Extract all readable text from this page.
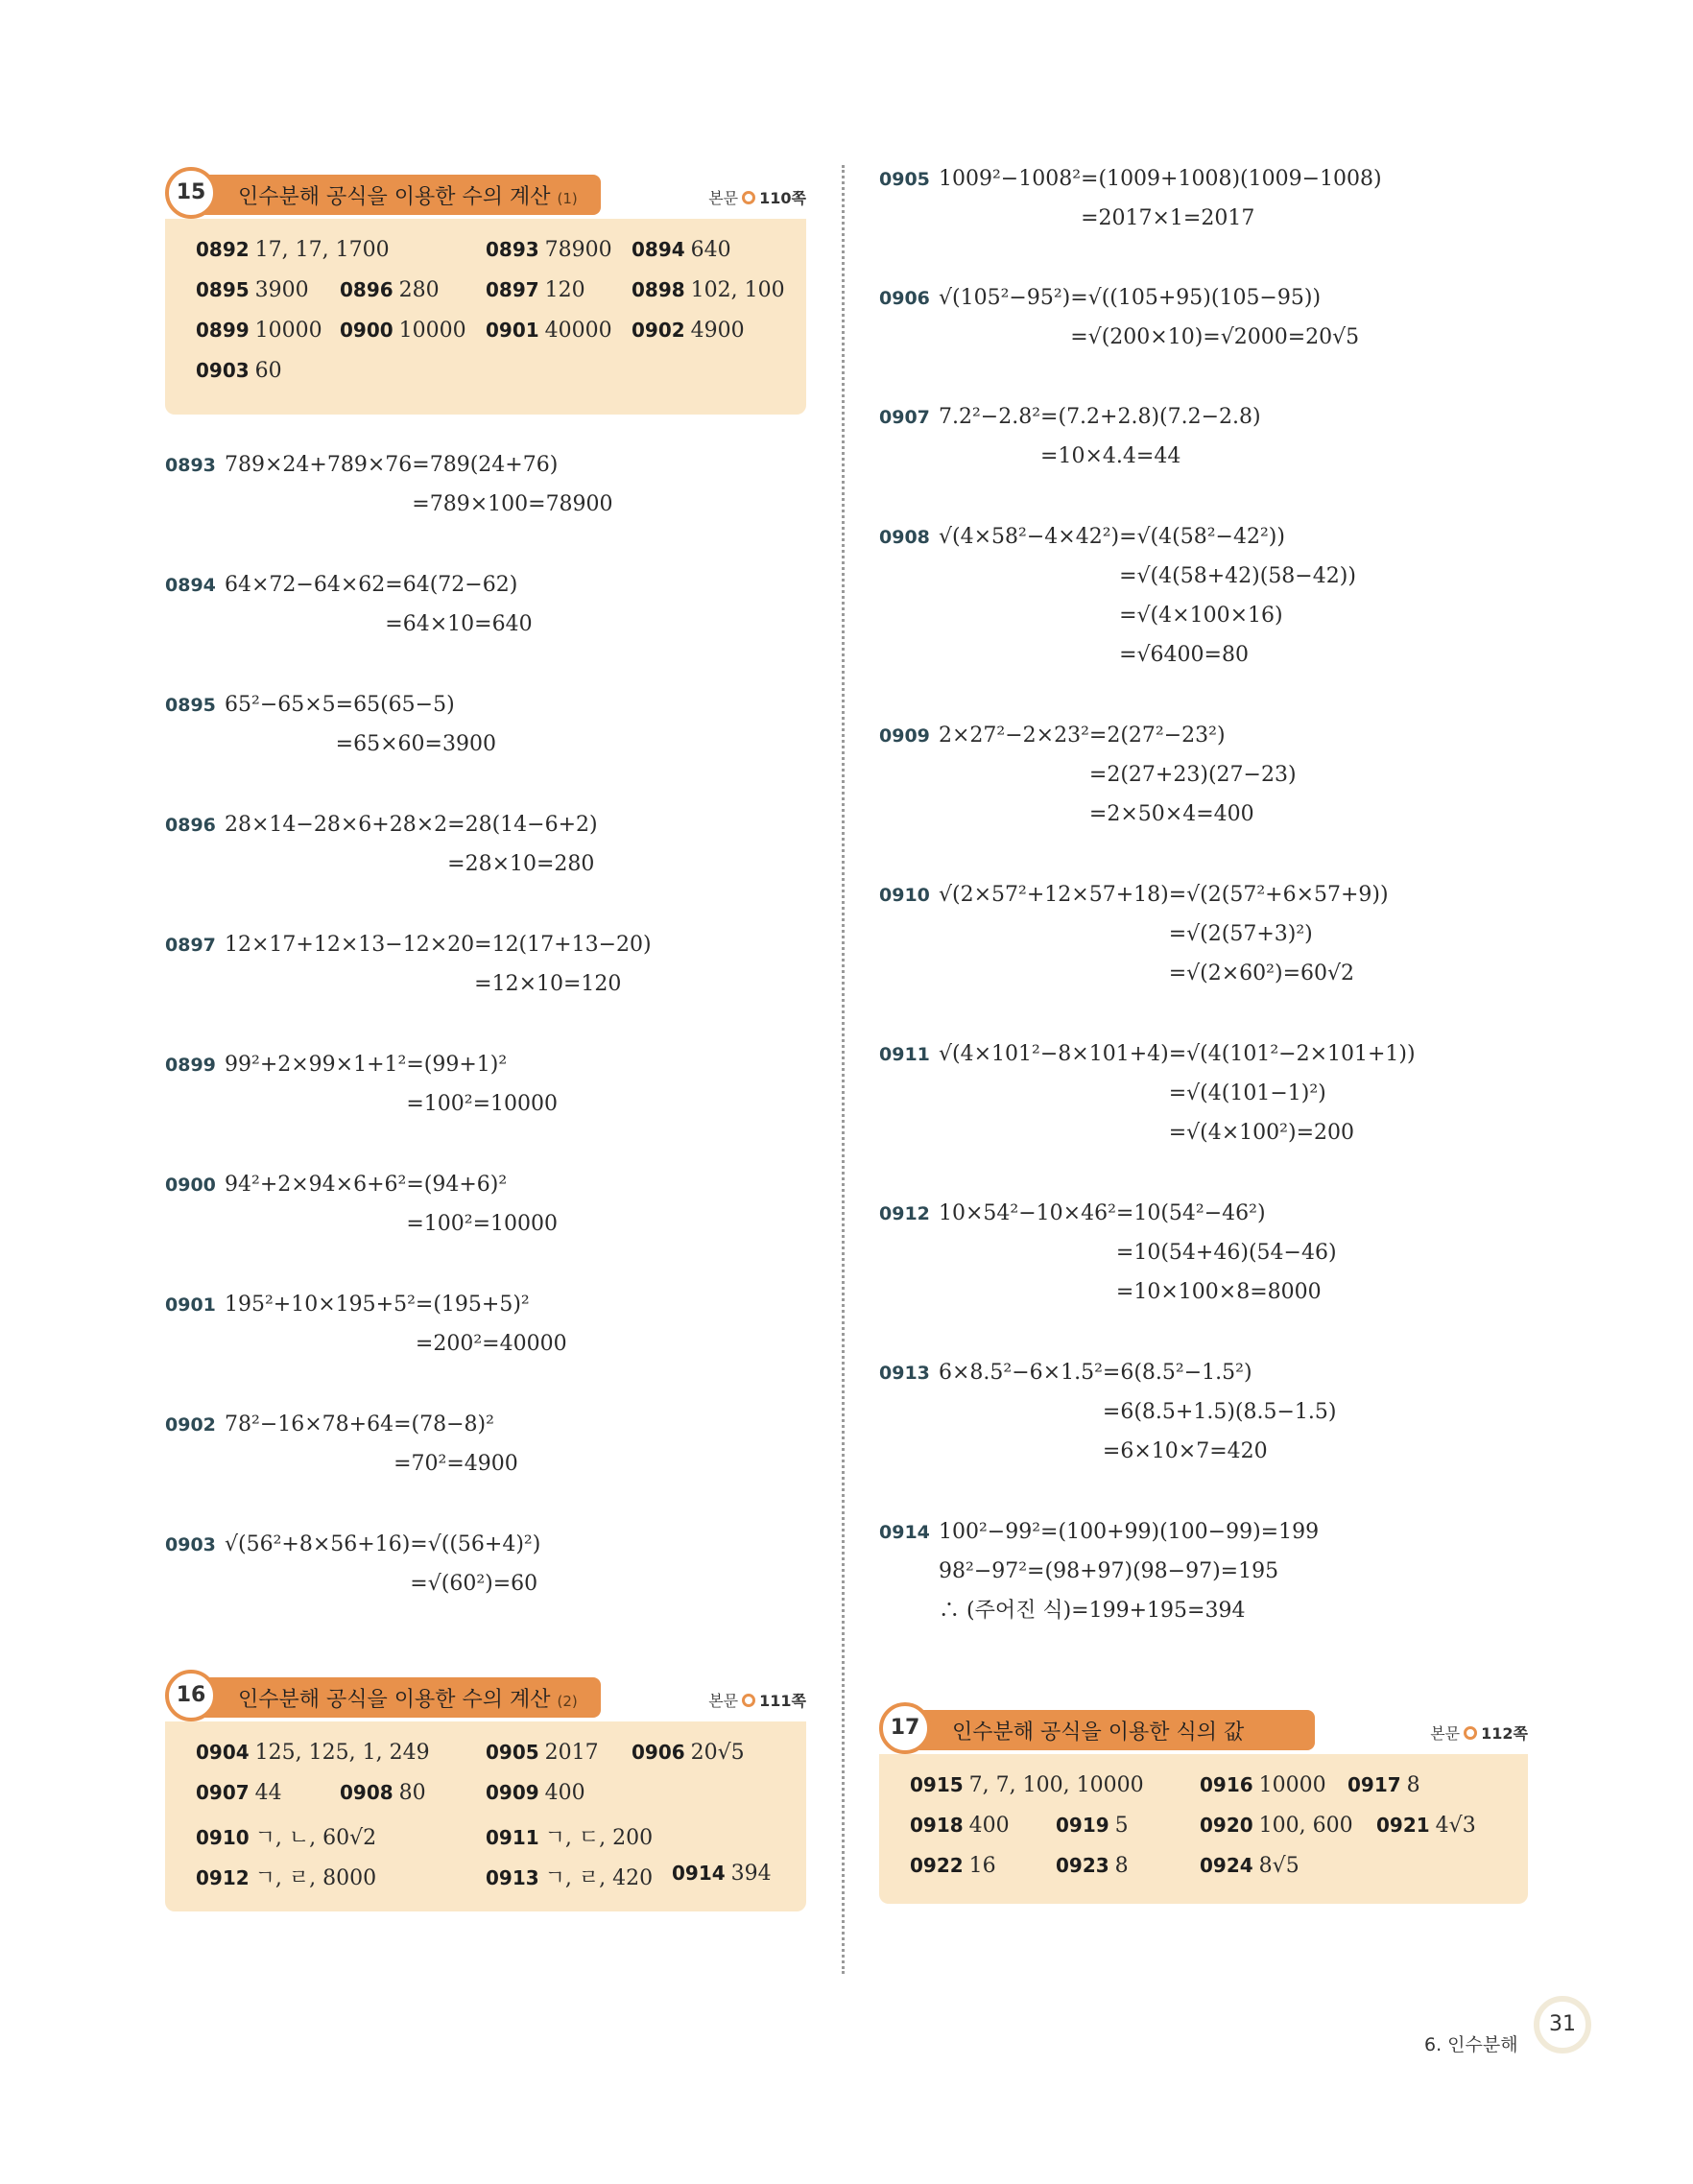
15	인수분해 공식을 이용한 수의 계산 (1)	본문 110쪽
0892 17, 17, 1700	0893 78900 0894 640
0895 3900 0896 280 0897 120 0898 102, 100
0899 10000 0900 10000 0901 40000 0902 4900
0903 60
0893 789×24+789×76=789(24+76)
=789×100=78900
0894 64×72−64×62=64(72−62)
=64×10=640
0895 65²−65×5=65(65−5)
=65×60=3900
0896 28×14−28×6+28×2=28(14−6+2)
=28×10=280
0897 12×17+12×13−12×20=12(17+13−20)
=12×10=120
0899 99²+2×99×1+1²=(99+1)²
=100²=10000
0900 94²+2×94×6+6²=(94+6)²
=100²=10000
0901 195²+10×195+5²=(195+5)²
=200²=40000
0902 78²−16×78+64=(78−8)²
=70²=4900
0903 √(56²+8×56+16)=√((56+4)²)
=√(60²)=60
16	인수분해 공식을 이용한 수의 계산 (2)	본문 111쪽
0904 125, 125, 1, 249	0905 2017 0906 20√5
0907 44	0908 80	0909 400
0910 ㄱ, ㄴ, 60√2	0911 ㄱ, ㄷ, 200
0912 ㄱ, ㄹ, 8000	0913 ㄱ, ㄹ, 420 0914 394
0905 1009²−1008²=(1009+1008)(1009−1008)
=2017×1=2017
0906 √(105²−95²)=√((105+95)(105−95))
=√(200×10)=√2000=20√5
0907 7.2²−2.8²=(7.2+2.8)(7.2−2.8)
=10×4.4=44
0908 √(4×58²−4×42²)=√(4(58²−42²))
=√(4(58+42)(58−42))
=√(4×100×16)
=√6400=80
0909 2×27²−2×23²=2(27²−23²)
=2(27+23)(27−23)
=2×50×4=400
0910 √(2×57²+12×57+18)=√(2(57²+6×57+9))
=√(2(57+3)²)
=√(2×60²)=60√2
0911 √(4×101²−8×101+4)=√(4(101²−2×101+1))
=√(4(101−1)²)
=√(4×100²)=200
0912 10×54²−10×46²=10(54²−46²)
=10(54+46)(54−46)
=10×100×8=8000
0913 6×8.5²−6×1.5²=6(8.5²−1.5²)
=6(8.5+1.5)(8.5−1.5)
=6×10×7=420
0914 100²−99²=(100+99)(100−99)=199
98²−97²=(98+97)(98−97)=195
∴ (주어진 식)=199+195=394
17	인수분해 공식을 이용한 식의 값	본문 112쪽
0915 7, 7, 100, 10000	0916 10000 0917 8
0918 400 0919 5	0920 100, 600 0921 4√3
0922 16	0923 8	0924 8√5
6. 인수분해
31
